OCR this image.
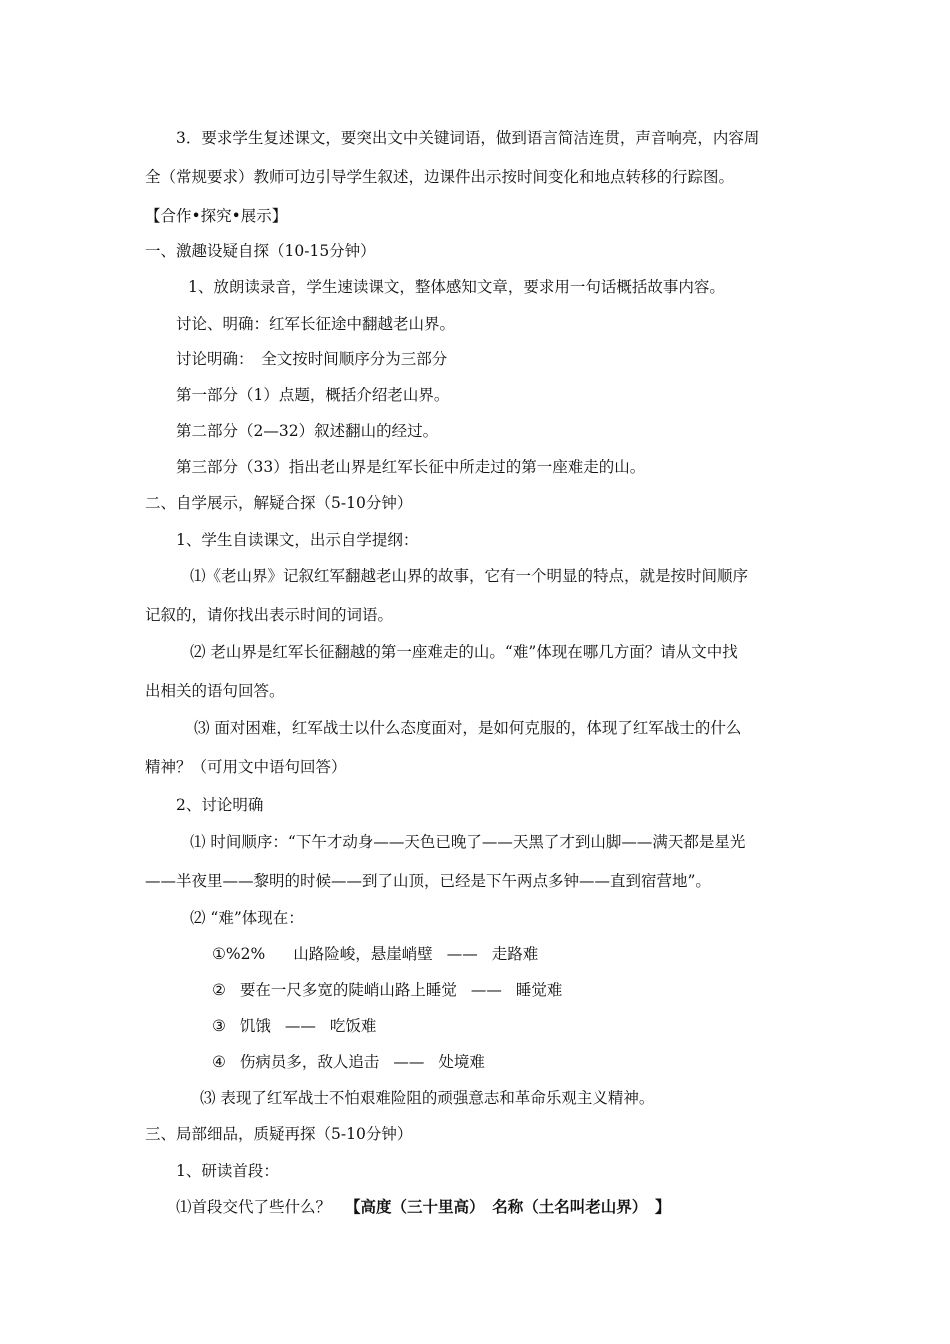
3．要求学生复述课文，要突出文中关键词语，做到语言简洁连贯，声音响亮，内容周
全（常规要求）教师可边引导学生叙述，边课件出示按时间变化和地点转移的行踪图。
【合作•探究•展示】
一、激趣设疑自探（10-15分钟）
1、放朗读录音，学生速读课文，整体感知文章，要求用一句话概括故事内容。
讨论、明确：红军长征途中翻越老山界。
讨论明确：　全文按时间顺序分为三部分
第一部分（1）点题，概括介绍老山界。
第二部分（2—32）叙述翻山的经过。
第三部分（33）指出老山界是红军长征中所走过的第一座难走的山。
二、自学展示，解疑合探（5-10分钟）
1、学生自读课文，出示自学提纲：
⑴《老山界》记叙红军翻越老山界的故事，它有一个明显的特点，就是按时间顺序
记叙的，请你找出表示时间的词语。
⑵ 老山界是红军长征翻越的第一座难走的山。“难”体现在哪几方面？请从文中找
出相关的语句回答。
⑶ 面对困难，红军战士以什么态度面对，是如何克服的，体现了红军战士的什么
精神？（可用文中语句回答）
2、讨论明确
⑴ 时间顺序：“下午才动身——天色已晚了——天黑了才到山脚——满天都是星光
——半夜里——黎明的时候——到了山顶，已经是下午两点多钟——直到宿营地”。
⑵ “难”体现在：
①%2% 山路险峻，悬崖峭壁 —— 走路难
② 要在一尺多宽的陡峭山路上睡觉 —— 睡觉难
③ 饥饿 —— 吃饭难
④ 伤病员多，敌人追击 —— 处境难
⑶ 表现了红军战士不怕艰难险阻的顽强意志和革命乐观主义精神。
三、局部细品，质疑再探（5-10分钟）
1、研读首段：
⑴首段交代了些什么？ 【高度（三十里高）　名称（土名叫老山界）　】
